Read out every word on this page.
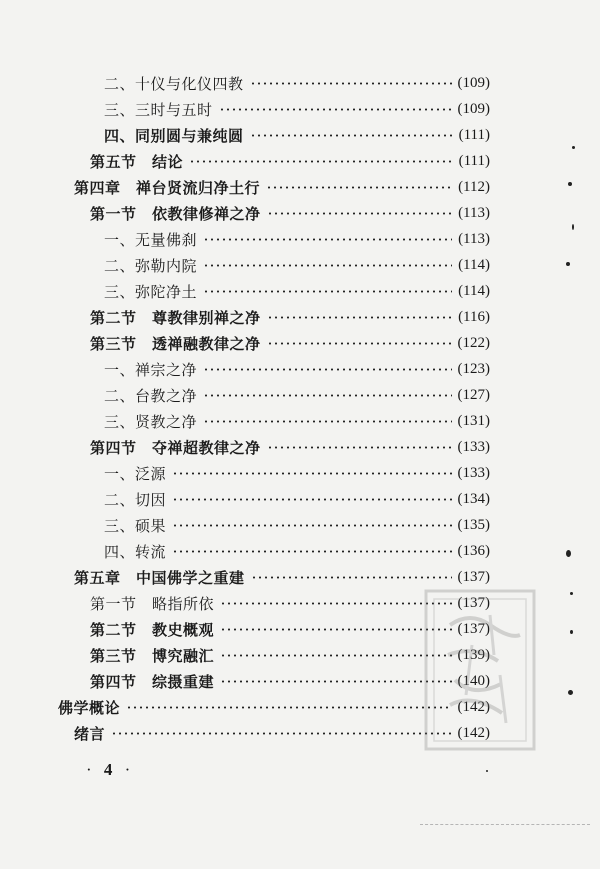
二、十仪与化仪四教	(109)
三、三时与五时	(109)
四、同别圆与兼纯圆	(111)
第五节　结论	(111)
第四章　禅台贤流归净土行	(112)
第一节　依教律修禅之净	(113)
一、无量佛刹	(113)
二、弥勒内院	(114)
三、弥陀净土	(114)
第二节　尊教律别禅之净	(116)
第三节　透禅融教律之净	(122)
一、禅宗之净	(123)
二、台教之净	(127)
三、贤教之净	(131)
第四节　夺禅超教律之净	(133)
一、泛源	(133)
二、切因	(134)
三、硕果	(135)
四、转流	(136)
第五章　中国佛学之重建	(137)
第一节　略指所依	(137)
第二节　教史概观	(137)
第三节　博究融汇	(139)
第四节　综摄重建	(140)
佛学概论	(142)
绪言	(142)
· 4 ·
